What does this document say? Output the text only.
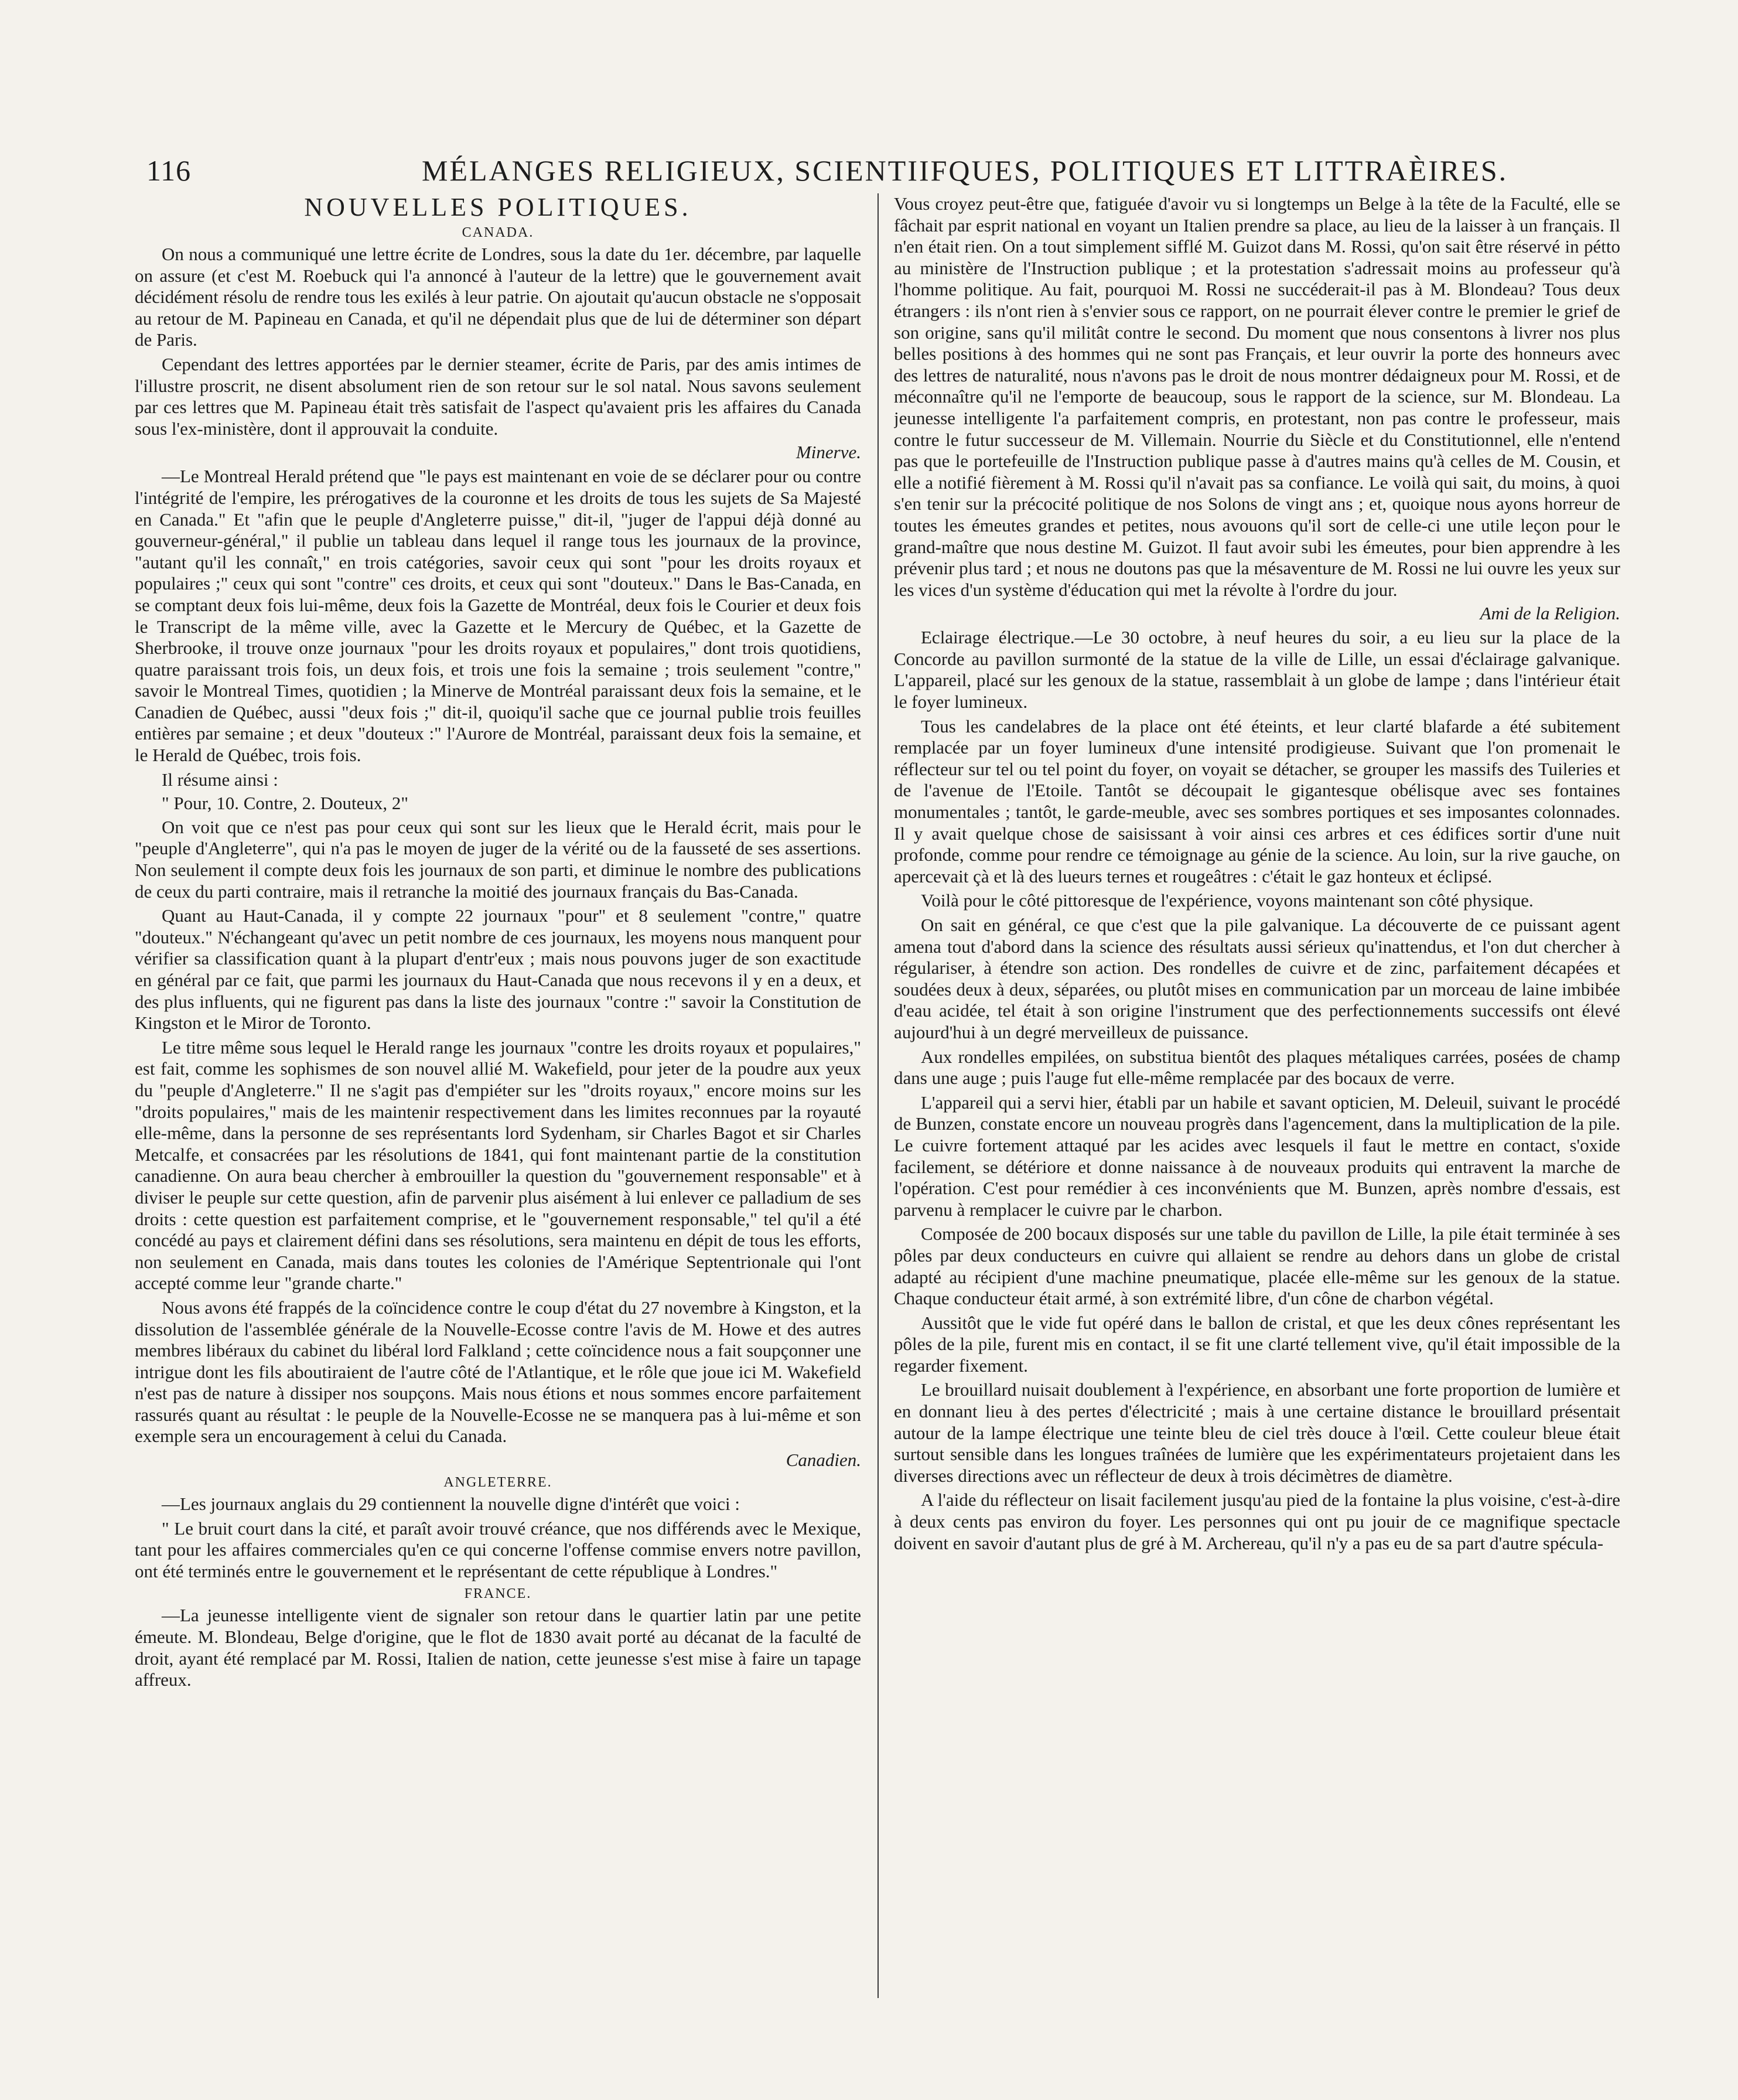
116	MÉLANGES RELIGIEUX, SCIENTIIFQUES, POLITIQUES ET LITTRAÈIRES.
NOUVELLES POLITIQUES.
CANADA.

On nous a communiqué une lettre écrite de Londres, sous la date du 1er. décembre, par laquelle on assure (et c'est M. Roebuck qui l'a annoncé à l'auteur de la lettre) que le gouvernement avait décidément résolu de rendre tous les exilés à leur patrie. On ajoutait qu'aucun obstacle ne s'opposait au retour de M. Papineau en Canada, et qu'il ne dépendait plus que de lui de déterminer son départ de Paris.

Cependant des lettres apportées par le dernier steamer, écrite de Paris, par des amis intimes de l'illustre proscrit, ne disent absolument rien de son retour sur le sol natal. Nous savons seulement par ces lettres que M. Papineau était très satisfait de l'aspect qu'avaient pris les affaires du Canada sous l'ex-ministère, dont il approuvait la conduite.

Minerve.

—Le Montreal Herald prétend que "le pays est maintenant en voie de se déclarer pour ou contre l'intégrité de l'empire, les prérogatives de la couronne et les droits de tous les sujets de Sa Majesté en Canada." Et "afin que le peuple d'Angleterre puisse," dit-il, "juger de l'appui déjà donné au gouverneur-général," il publie un tableau dans lequel il range tous les journaux de la province, "autant qu'il les connaît," en trois catégories, savoir ceux qui sont "pour les droits royaux et populaires ;" ceux qui sont "contre" ces droits, et ceux qui sont "douteux." Dans le Bas-Canada, en se comptant deux fois lui-même, deux fois la Gazette de Montréal, deux fois le Courier et deux fois le Transcript de la même ville, avec la Gazette et le Mercury de Québec, et la Gazette de Sherbrooke, il trouve onze journaux "pour les droits royaux et populaires," dont trois quotidiens, quatre paraissant trois fois, un deux fois, et trois une fois la semaine ; trois seulement "contre," savoir le Montreal Times, quotidien ; la Minerve de Montréal paraissant deux fois la semaine, et le Canadien de Québec, aussi "deux fois ;" dit-il, quoiqu'il sache que ce journal publie trois feuilles entières par semaine ; et deux "douteux :" l'Aurore de Montréal, paraissant deux fois la semaine, et le Herald de Québec, trois fois.

Il résume ainsi :

" Pour, 10. Contre, 2. Douteux, 2"

On voit que ce n'est pas pour ceux qui sont sur les lieux que le Herald écrit, mais pour le "peuple d'Angleterre", qui n'a pas le moyen de juger de la vérité ou de la fausseté de ses assertions. Non seulement il compte deux fois les journaux de son parti, et diminue le nombre des publications de ceux du parti contraire, mais il retranche la moitié des journaux français du Bas-Canada.

Quant au Haut-Canada, il y compte 22 journaux "pour" et 8 seulement "contre," quatre "douteux." N'échangeant qu'avec un petit nombre de ces journaux, les moyens nous manquent pour vérifier sa classification quant à la plupart d'entr'eux ; mais nous pouvons juger de son exactitude en général par ce fait, que parmi les journaux du Haut-Canada que nous recevons il y en a deux, et des plus influents, qui ne figurent pas dans la liste des journaux "contre :" savoir la Constitution de Kingston et le Miror de Toronto.

Le titre même sous lequel le Herald range les journaux "contre les droits royaux et populaires," est fait, comme les sophismes de son nouvel allié M. Wakefield, pour jeter de la poudre aux yeux du "peuple d'Angleterre." Il ne s'agit pas d'empiéter sur les "droits royaux," encore moins sur les "droits populaires," mais de les maintenir respectivement dans les limites reconnues par la royauté elle-même, dans la personne de ses représentants lord Sydenham, sir Charles Bagot et sir Charles Metcalfe, et consacrées par les résolutions de 1841, qui font maintenant partie de la constitution canadienne. On aura beau chercher à embrouiller la question du "gouvernement responsable" et à diviser le peuple sur cette question, afin de parvenir plus aisément à lui enlever ce palladium de ses droits : cette question est parfaitement comprise, et le "gouvernement responsable," tel qu'il a été concédé au pays et clairement défini dans ses résolutions, sera maintenu en dépit de tous les efforts, non seulement en Canada, mais dans toutes les colonies de l'Amérique Septentrionale qui l'ont accepté comme leur "grande charte."

Nous avons été frappés de la coïncidence contre le coup d'état du 27 novembre à Kingston, et la dissolution de l'assemblée générale de la Nouvelle-Ecosse contre l'avis de M. Howe et des autres membres libéraux du cabinet du libéral lord Falkland ; cette coïncidence nous a fait soupçonner une intrigue dont les fils aboutiraient de l'autre côté de l'Atlantique, et le rôle que joue ici M. Wakefield n'est pas de nature à dissiper nos soupçons. Mais nous étions et nous sommes encore parfaitement rassurés quant au résultat : le peuple de la Nouvelle-Ecosse ne se manquera pas à lui-même et son exemple sera un encouragement à celui du Canada.

Canadien.
ANGLETERRE.

—Les journaux anglais du 29 contiennent la nouvelle digne d'intérêt que voici :

" Le bruit court dans la cité, et paraît avoir trouvé créance, que nos différends avec le Mexique, tant pour les affaires commerciales qu'en ce qui concerne l'offense commise envers notre pavillon, ont été terminés entre le gouvernement et le représentant de cette république à Londres."

FRANCE.

—La jeunesse intelligente vient de signaler son retour dans le quartier latin par une petite émeute. M. Blondeau, Belge d'origine, que le flot de 1830 avait porté au décanat de la faculté de droit, ayant été remplacé par M. Rossi, Italien de nation, cette jeunesse s'est mise à faire un tapage affreux.

Vous croyez peut-être que, fatiguée d'avoir vu si longtemps un Belge à la tête de la Faculté, elle se fâchait par esprit national en voyant un Italien prendre sa place, au lieu de la laisser à un français. Il n'en était rien. On a tout simplement sifflé M. Guizot dans M. Rossi, qu'on sait être réservé in pétto au ministère de l'Instruction publique ; et la protestation s'adressait moins au professeur qu'à l'homme politique. Au fait, pourquoi M. Rossi ne succéderait-il pas à M. Blondeau? Tous deux étrangers : ils n'ont rien à s'envier sous ce rapport, on ne pourrait élever contre le premier le grief de son origine, sans qu'il militât contre le second. Du moment que nous consentons à livrer nos plus belles positions à des hommes qui ne sont pas Français, et leur ouvrir la porte des honneurs avec des lettres de naturalité, nous n'avons pas le droit de nous montrer dédaigneux pour M. Rossi, et de méconnaître qu'il ne l'emporte de beaucoup, sous le rapport de la science, sur M. Blondeau. La jeunesse intelligente l'a parfaitement compris, en protestant, non pas contre le professeur, mais contre le futur successeur de M. Villemain. Nourrie du Siècle et du Constitutionnel, elle n'entend pas que le portefeuille de l'Instruction publique passe à d'autres mains qu'à celles de M. Cousin, et elle a notifié fièrement à M. Rossi qu'il n'avait pas sa confiance. Le voilà qui sait, du moins, à quoi s'en tenir sur la précocité politique de nos Solons de vingt ans ; et, quoique nous ayons horreur de toutes les émeutes grandes et petites, nous avouons qu'il sort de celle-ci une utile leçon pour le grand-maître que nous destine M. Guizot. Il faut avoir subi les émeutes, pour bien apprendre à les prévenir plus tard ; et nous ne doutons pas que la mésaventure de M. Rossi ne lui ouvre les yeux sur les vices d'un système d'éducation qui met la révolte à l'ordre du jour.

Ami de la Religion.

Eclairage électrique.—Le 30 octobre, à neuf heures du soir, a eu lieu sur la place de la Concorde au pavillon surmonté de la statue de la ville de Lille, un essai d'éclairage galvanique. L'appareil, placé sur les genoux de la statue, rassemblait à un globe de lampe ; dans l'intérieur était le foyer lumineux.

Tous les candelabres de la place ont été éteints, et leur clarté blafarde a été subitement remplacée par un foyer lumineux d'une intensité prodigieuse. Suivant que l'on promenait le réflecteur sur tel ou tel point du foyer, on voyait se détacher, se grouper les massifs des Tuileries et de l'avenue de l'Etoile. Tantôt se découpait le gigantesque obélisque avec ses fontaines monumentales ; tantôt, le garde-meuble, avec ses sombres portiques et ses imposantes colonnades. Il y avait quelque chose de saisissant à voir ainsi ces arbres et ces édifices sortir d'une nuit profonde, comme pour rendre ce témoignage au génie de la science. Au loin, sur la rive gauche, on apercevait çà et là des lueurs ternes et rougeâtres : c'était le gaz honteux et éclipsé.

Voilà pour le côté pittoresque de l'expérience, voyons maintenant son côté physique.

On sait en général, ce que c'est que la pile galvanique. La découverte de ce puissant agent amena tout d'abord dans la science des résultats aussi sérieux qu'inattendus, et l'on dut chercher à régulariser, à étendre son action. Des rondelles de cuivre et de zinc, parfaitement décapées et soudées deux à deux, séparées, ou plutôt mises en communication par un morceau de laine imbibée d'eau acidée, tel était à son origine l'instrument que des perfectionnements successifs ont élevé aujourd'hui à un degré merveilleux de puissance.

Aux rondelles empilées, on substitua bientôt des plaques métaliques carrées, posées de champ dans une auge ; puis l'auge fut elle-même remplacée par des bocaux de verre.

L'appareil qui a servi hier, établi par un habile et savant opticien, M. Deleuil, suivant le procédé de Bunzen, constate encore un nouveau progrès dans l'agencement, dans la multiplication de la pile. Le cuivre fortement attaqué par les acides avec lesquels il faut le mettre en contact, s'oxide facilement, se détériore et donne naissance à de nouveaux produits qui entravent la marche de l'opération. C'est pour remédier à ces inconvénients que M. Bunzen, après nombre d'essais, est parvenu à remplacer le cuivre par le charbon.

Composée de 200 bocaux disposés sur une table du pavillon de Lille, la pile était terminée à ses pôles par deux conducteurs en cuivre qui allaient se rendre au dehors dans un globe de cristal adapté au récipient d'une machine pneumatique, placée elle-même sur les genoux de la statue. Chaque conducteur était armé, à son extrémité libre, d'un cône de charbon végétal.

Aussitôt que le vide fut opéré dans le ballon de cristal, et que les deux cônes représentant les pôles de la pile, furent mis en contact, il se fit une clarté tellement vive, qu'il était impossible de la regarder fixement.

Le brouillard nuisait doublement à l'expérience, en absorbant une forte proportion de lumière et en donnant lieu à des pertes d'électricité ; mais à une certaine distance le brouillard présentait autour de la lampe électrique une teinte bleu de ciel très douce à l'œil. Cette couleur bleue était surtout sensible dans les longues traînées de lumière que les expérimentateurs projetaient dans les diverses directions avec un réflecteur de deux à trois décimètres de diamètre.

A l'aide du réflecteur on lisait facilement jusqu'au pied de la fontaine la plus voisine, c'est-à-dire à deux cents pas environ du foyer. Les personnes qui ont pu jouir de ce magnifique spectacle doivent en savoir d'autant plus de gré à M. Archereau, qu'il n'y a pas eu de sa part d'autre spécula-
